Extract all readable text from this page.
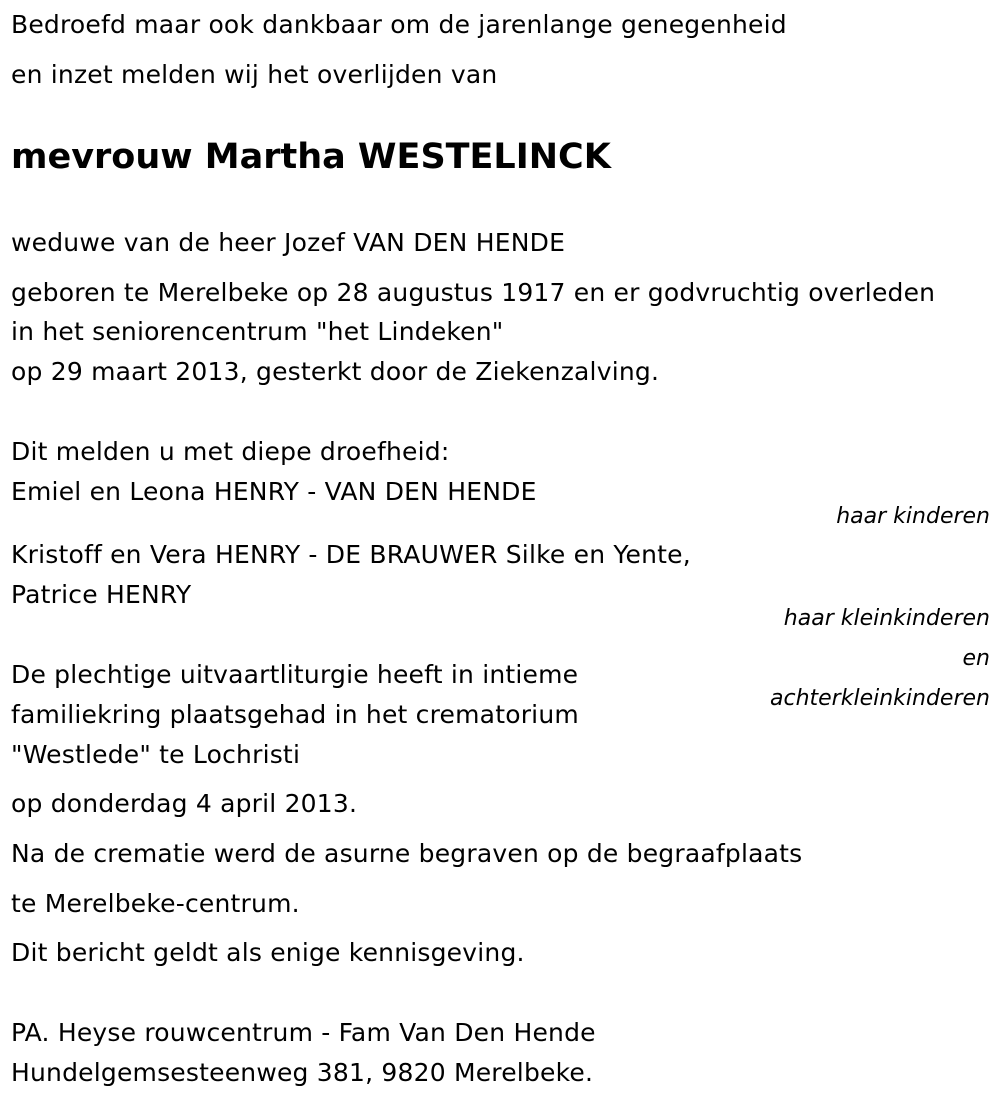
Bedroefd maar ook dankbaar om de jarenlange genegenheid
en inzet melden wij het overlijden van
mevrouw Martha WESTELINCK
weduwe van de heer Jozef VAN DEN HENDE
geboren te Merelbeke op 28 augustus 1917 en er godvruchtig overleden
in het seniorencentrum "het Lindeken"
op 29 maart 2013, gesterkt door de Ziekenzalving.
Dit melden u met diepe droefheid:
Emiel en Leona HENRY - VAN DEN HENDE
haar kinderen
Kristoff en Vera HENRY - DE BRAUWER Silke en Yente,
Patrice HENRY
haar kleinkinderen
en
achterkleinkinderen
De plechtige uitvaartliturgie heeft in intieme
familiekring plaatsgehad in het crematorium
"Westlede" te Lochristi
op donderdag 4 april 2013.
Na de crematie werd de asurne begraven op de begraafplaats
te Merelbeke-centrum.
Dit bericht geldt als enige kennisgeving.
PA. Heyse rouwcentrum - Fam Van Den Hende
Hundelgemsesteenweg 381, 9820 Merelbeke.
